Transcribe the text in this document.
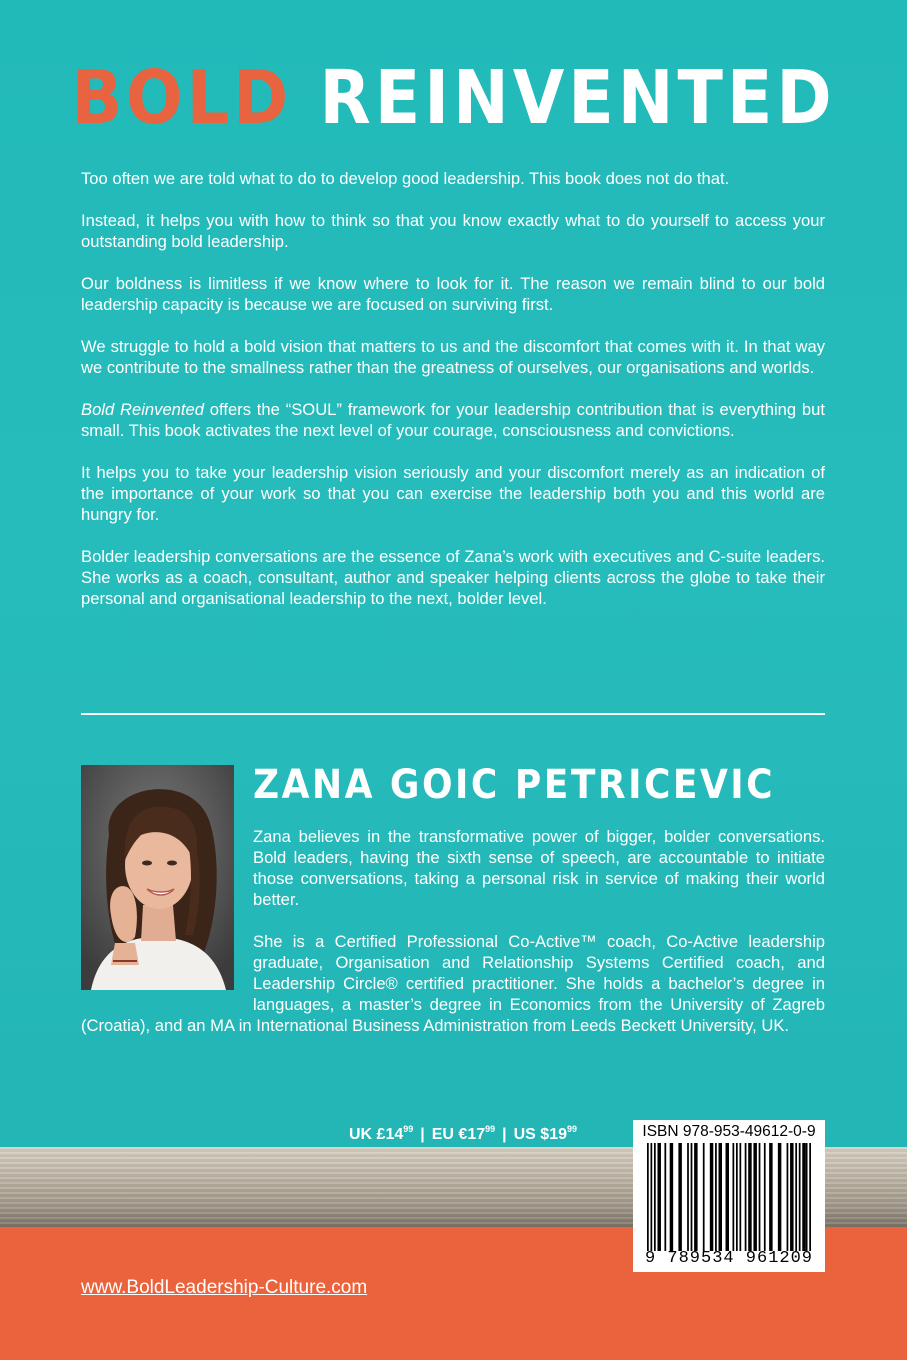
BOLD REINVENTED

Too often we are told what to do to develop good leadership. This book does not do that.

Instead, it helps you with how to think so that you know exactly what to do yourself to access your outstanding bold leadership.

Our boldness is limitless if we know where to look for it. The reason we remain blind to our bold leadership capacity is because we are focused on surviving first.

We struggle to hold a bold vision that matters to us and the discomfort that comes with it. In that way we contribute to the smallness rather than the greatness of ourselves, our organisations and worlds.

Bold Reinvented offers the “SOUL” framework for your leadership contribution that is everything but small. This book activates the next level of your courage, consciousness and convictions.

It helps you to take your leadership vision seriously and your discomfort merely as an indication of the importance of your work so that you can exercise the leadership both you and this world are hungry for.

Bolder leadership conversations are the essence of Zana’s work with executives and C-suite leaders. She works as a coach, consultant, author and speaker helping clients across the globe to take their personal and organisational leadership to the next, bolder level.

ZANA GOIC PETRICEVIC
Zana believes in the transformative power of bigger, bolder conversations. Bold leaders, having the sixth sense of speech, are accountable to initiate those conversations, taking a personal risk in service of making their world better.
She is a Certified Professional Co-Active™ coach, Co-Active leadership graduate, Organisation and Relationship Systems Certified coach, and Leadership Circle® certified practitioner. She holds a bachelor’s degree in languages, a master’s degree in Economics from the University of Zagreb (Croatia), and an MA in International Business Administration from Leeds Beckett University, UK.
UK $£14^{99}$ | EU $€17^{99}$ | US $\$19^{99}$	ISBN 978-953-49612-0-9
9 789534 961209
www.BoldLeadership-Culture.com
